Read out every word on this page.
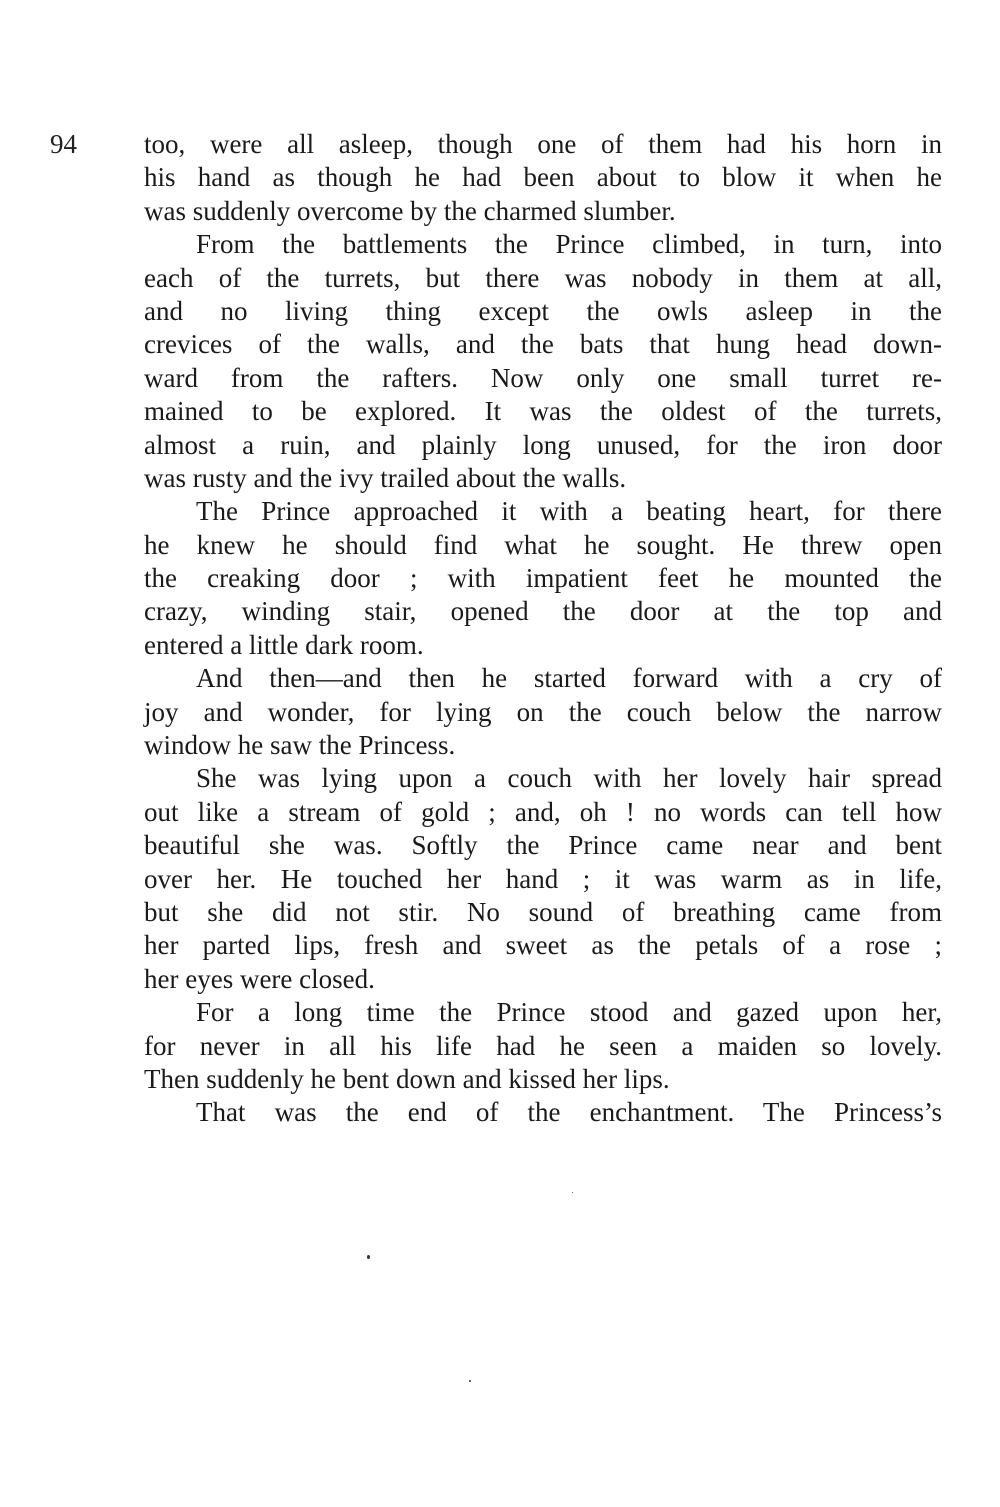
94 too, were all asleep, though one of them had his horn in
his hand as though he had been about to blow it when he
was suddenly overcome by the charmed slumber.
From the battlements the Prince climbed, in turn, into
each of the turrets, but there was nobody in them at all,
and no living thing except the owls asleep in the
crevices of the walls, and the bats that hung head down-
ward from the rafters. Now only one small turret re-
mained to be explored. It was the oldest of the turrets,
almost a ruin, and plainly long unused, for the iron door
was rusty and the ivy trailed about the walls.
The Prince approached it with a beating heart, for there
he knew he should find what he sought. He threw open
the creaking door ; with impatient feet he mounted the
crazy, winding stair, opened the door at the top and
entered a little dark room.
And then—and then he started forward with a cry of
joy and wonder, for lying on the couch below the narrow
window he saw the Princess.
She was lying upon a couch with her lovely hair spread
out like a stream of gold ; and, oh ! no words can tell how
beautiful she was. Softly the Prince came near and bent
over her. He touched her hand ; it was warm as in life,
but she did not stir. No sound of breathing came from
her parted lips, fresh and sweet as the petals of a rose ;
her eyes were closed.
For a long time the Prince stood and gazed upon her,
for never in all his life had he seen a maiden so lovely.
Then suddenly he bent down and kissed her lips.
That was the end of the enchantment. The Princess’s
